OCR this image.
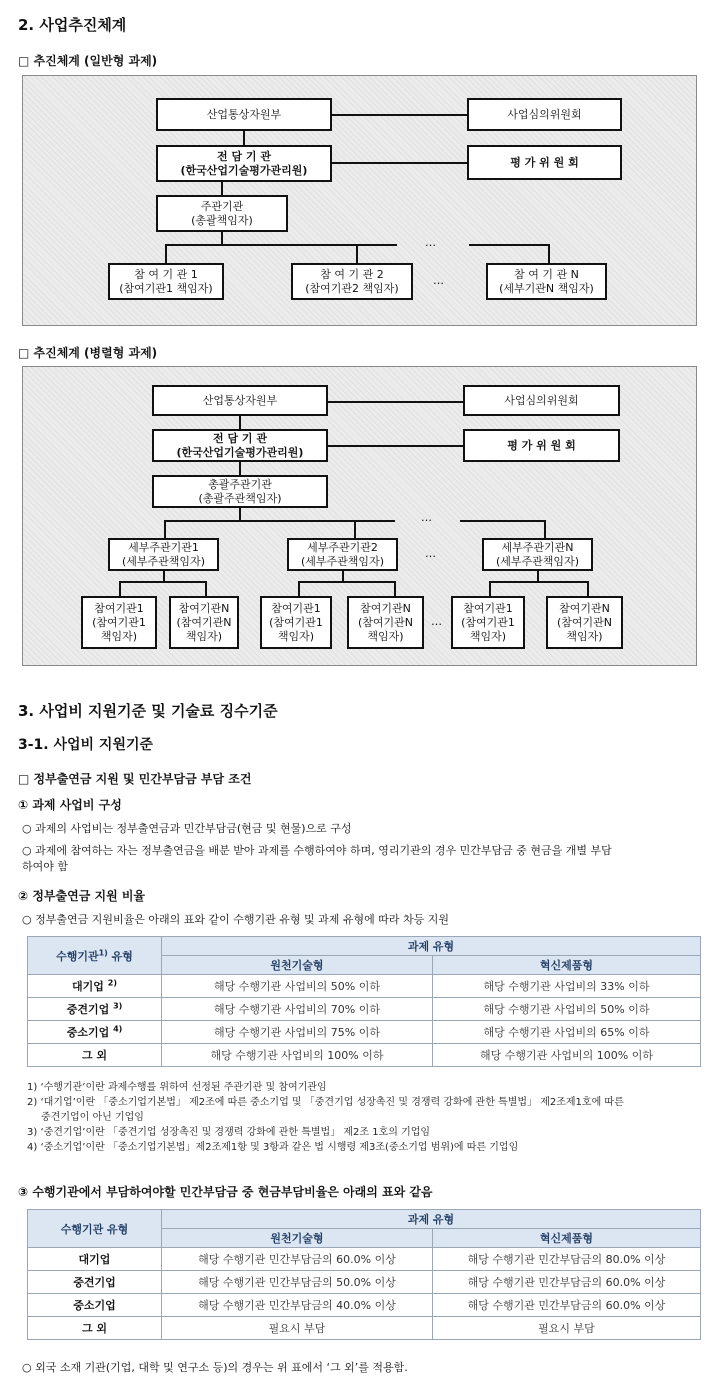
2. 사업추진체계
□ 추진체계 (일반형 과제)
산업통상자원부	사업심의위원회
전 담 기 관
(한국산업기술평가관리원)
평 가 위 원 회
주관기관
(총괄책임자)
…
참 여 기 관 1
(참여기관1 책임자)
참 여 기 관 2
(참여기관2 책임자)
…	참 여 기 관 N
(세부기관N 책임자)
□ 추진체계 (병렬형 과제)
산업통상자원부	사업심의위원회
전 담 기 관
(한국산업기술평가관리원)
평 가 위 원 회
총괄주관기관
(총괄주관책임자)
…
세부주관기관1
(세부주관책임자)
세부주관기관2
(세부주관책임자)
…	세부주관기관N
(세부주관책임자)
참여기관1
(참여기관1
책임자)
참여기관N
(참여기관N
책임자)
참여기관1
(참여기관1
책임자)
참여기관N
(참여기관N
책임자)
…
참여기관1
(참여기관1
책임자)
참여기관N
(참여기관N
책임자)
3. 사업비 지원기준 및 기술료 징수기준
3-1. 사업비 지원기준
□ 정부출연금 지원 및 민간부담금 부담 조건
① 과제 사업비 구성
○ 과제의 사업비는 정부출연금과 민간부담금(현금 및 현물)으로 구성
○ 과제에 참여하는 자는 정부출연금을 배분 받아 과제를 수행하여야 하며, 영리기관의 경우 민간부담금 중 현금을 개별 부담
하여야 함
② 정부출연금 지원 비율
○ 정부출연금 지원비율은 아래의 표와 같이 수행기관 유형 및 과제 유형에 따라 차등 지원
수행기관$^{1)}$ 유형	과제 유형	
	원천기술형	혁신제품형
대기업 $^{2)}$	해당 수행기관 사업비의 50% 이하	해당 수행기관 사업비의 33% 이하
중견기업 $^{3)}$	해당 수행기관 사업비의 70% 이하	해당 수행기관 사업비의 50% 이하
중소기업 $^{4)}$	해당 수행기관 사업비의 75% 이하	해당 수행기관 사업비의 65% 이하
그 외	해당 수행기관 사업비의 100% 이하	해당 수행기관 사업비의 100% 이하
1) ‘수행기관’이란 과제수행를 위하여 선정된 주관기관 및 참여기관임
2) ‘대기업’이란 「중소기업기본법」 제2조에 따른 중소기업 및 「중견기업 성장촉진 및 경쟁력 강화에 관한 특별법」 제2조제1호에 따른
중견기업이 아닌 기업임
3) ‘중견기업’이란 「중견기업 성장촉진 및 경쟁력 강화에 관한 특별법」 제2조 1호의 기업임
4) ‘중소기업’이란 「중소기업기본법」제2조제1항 및 3항과 같은 법 시행령 제3조(중소기업 범위)에 따른 기업임
③ 수행기관에서 부담하여야할 민간부담금 중 현금부담비율은 아래의 표와 같음
수행기관 유형	과제 유형	
	원천기술형	혁신제품형
대기업	해당 수행기관 민간부담금의 60.0% 이상	해당 수행기관 민간부담금의 80.0% 이상
중견기업	해당 수행기관 민간부담금의 50.0% 이상	해당 수행기관 민간부담금의 60.0% 이상
중소기업	해당 수행기관 민간부담금의 40.0% 이상	해당 수행기관 민간부담금의 60.0% 이상
그 외	필요시 부담	필요시 부담
○ 외국 소재 기관(기업, 대학 및 연구소 등)의 경우는 위 표에서 ‘그 외’를 적용함.
